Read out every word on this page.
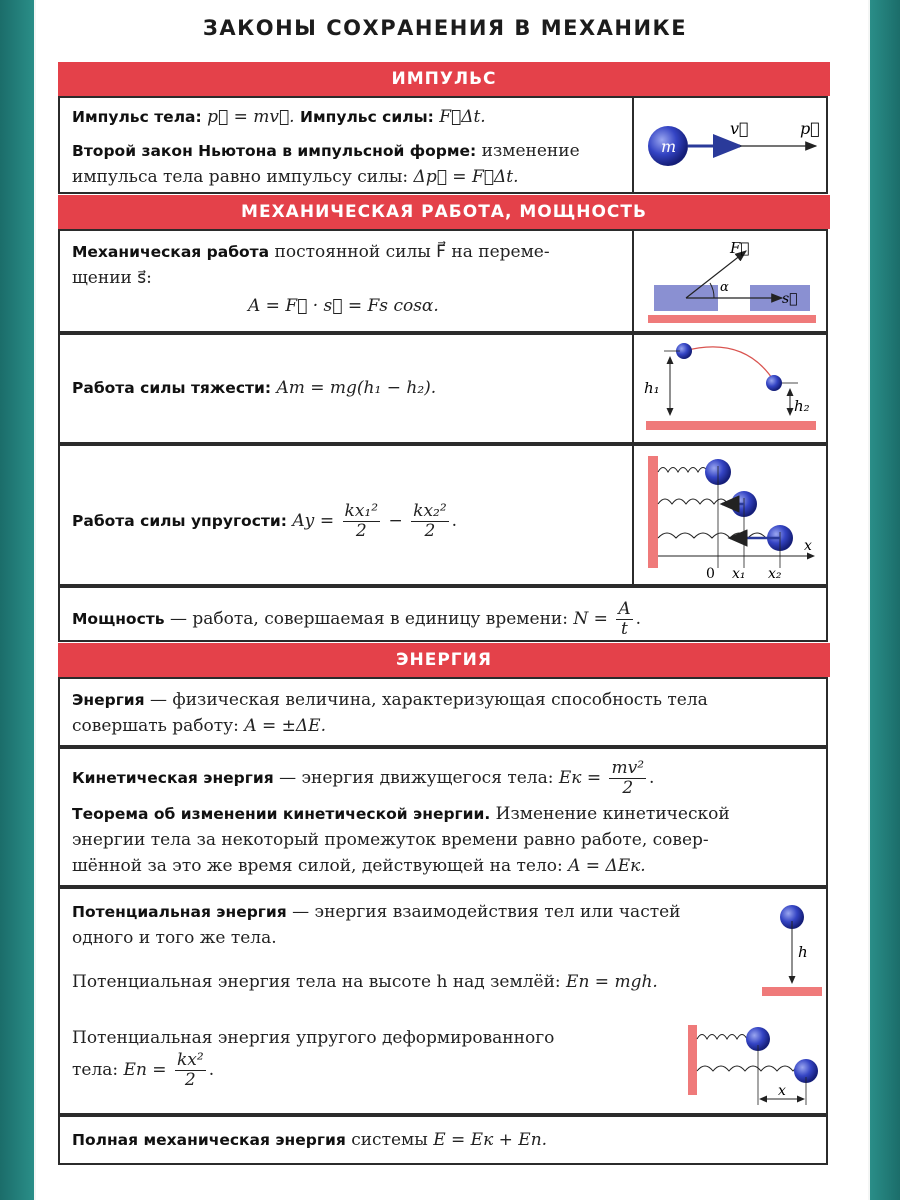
ЗАКОНЫ СОХРАНЕНИЯ В МЕХАНИКЕ
ИМПУЛЬС
Импульс тела: p⃗ = mv⃗. Импульс силы: F⃗Δt.
Второй закон Ньютона в импульсной форме: изменение импульса тела равно импульсу силы: Δp⃗ = F⃗Δt.
m
v⃗	p⃗
МЕХАНИЧЕСКАЯ РАБОТА, МОЩНОСТЬ
Механическая работа постоянной силы F⃗ на переме-
щении s⃗:
A = F⃗ · s⃗ = Fs cosα.
F⃗
α
s⃗
Работа силы тяжести: Aт = mg(h₁ − h₂).	h₁
h₂
Работа силы упругости: Aу = $\frac{\text{kx₁²}}{2} - \frac{\text{kx₂²}}{2}$ .
x
0 x₁ x₂
Мощность — работа, совершаемая в единицу времени: $N = \frac{A}{t}$ .
ЭНЕРГИЯ
Энергия — физическая величина, характеризующая способность тела
совершать работу: A = ±ΔE.
Кинетическая энергия — энергия движущегося тела: Eк = $\frac{\text{mv²}}{2}$ .
Теорема об изменении кинетической энергии. Изменение кинетической
энергии тела за некоторый промежуток времени равно работе, совер-
шённой за это же время силой, действующей на тело: A = ΔEк.
Потенциальная энергия — энергия взаимодействия тел или частей
одного и того же тела.
Потенциальная энергия тела на высоте h над землёй: Eп = mgh.
Потенциальная энергия упругого деформированного
тела: Eп = $\frac{\text{kx²}}{2}$ .
h
x
Полная механическая энергия системы E = Eк + Eп.
